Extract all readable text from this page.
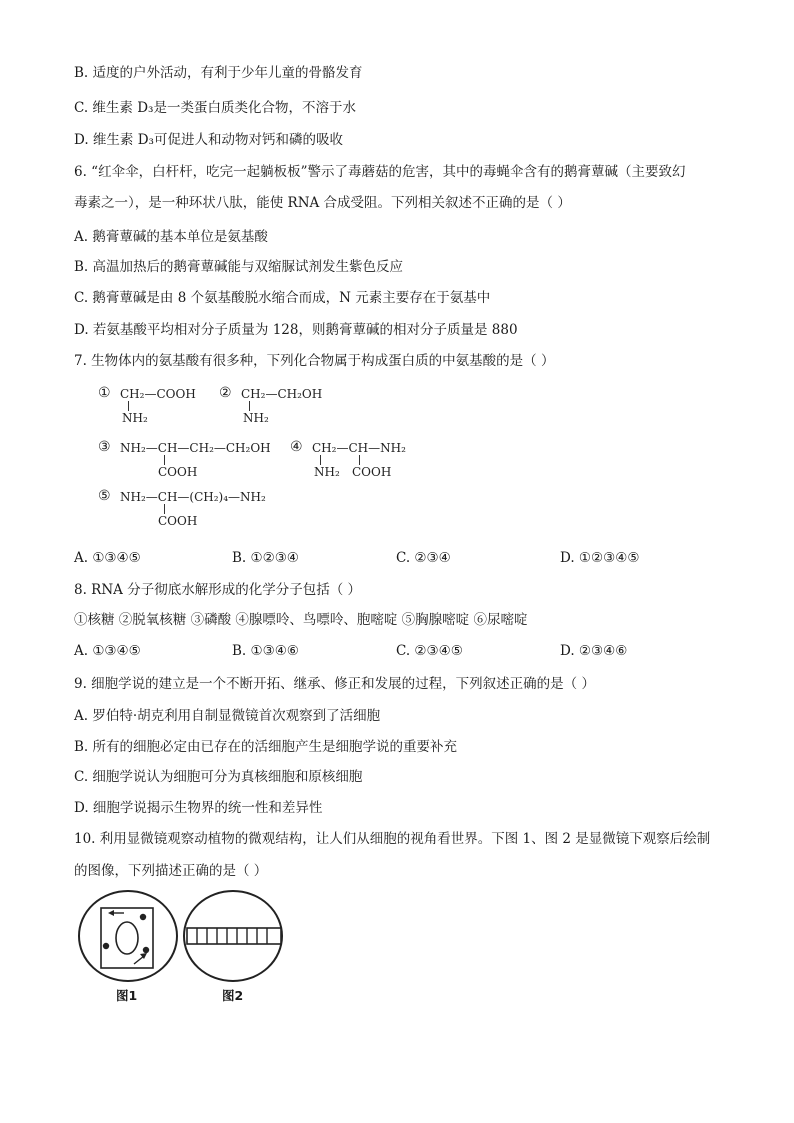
B. 适度的户外活动，有利于少年儿童的骨骼发育
C. 维生素 D₃是一类蛋白质类化合物，不溶于水
D. 维生素 D₃可促进人和动物对钙和磷的吸收
6. “红伞伞，白杆杆，吃完一起躺板板”警示了毒蘑菇的危害，其中的毒蝇伞含有的鹅膏蕈碱（主要致幻
毒素之一），是一种环状八肽，能使 RNA 合成受阻。下列相关叙述不正确的是（ ）
A. 鹅膏蕈碱的基本单位是氨基酸
B. 高温加热后的鹅膏蕈碱能与双缩脲试剂发生紫色反应
C. 鹅膏蕈碱是由 8 个氨基酸脱水缩合而成，N 元素主要存在于氨基中
D. 若氨基酸平均相对分子质量为 128，则鹅膏蕈碱的相对分子质量是 880
7. 生物体内的氨基酸有很多种，下列化合物属于构成蛋白质的中氨基酸的是（ ）
① CH₂—COOH
NH₂
② CH₂—CH₂OH
NH₂
③ NH₂—CH—CH₂—CH₂OH
COOH
④ CH₂—CH—NH₂
NH₂ COOH
⑤ NH₂—CH—(CH₂)₄—NH₂
COOH
A. ①③④⑤	B. ①②③④	C. ②③④	D. ①②③④⑤
8. RNA 分子彻底水解形成的化学分子包括（ ）
①核糖 ②脱氧核糖 ③磷酸 ④腺嘌呤、鸟嘌呤、胞嘧啶 ⑤胸腺嘧啶 ⑥尿嘧啶
A. ①③④⑤	B. ①③④⑥	C. ②③④⑤	D. ②③④⑥
9. 细胞学说的建立是一个不断开拓、继承、修正和发展的过程，下列叙述正确的是（ ）
A. 罗伯特·胡克利用自制显微镜首次观察到了活细胞
B. 所有的细胞必定由已存在的活细胞产生是细胞学说的重要补充
C. 细胞学说认为细胞可分为真核细胞和原核细胞
D. 细胞学说揭示生物界的统一性和差异性
10. 利用显微镜观察动植物的微观结构，让人们从细胞的视角看世界。下图 1、图 2 是显微镜下观察后绘制
的图像，下列描述正确的是（ ）
图1	图2
